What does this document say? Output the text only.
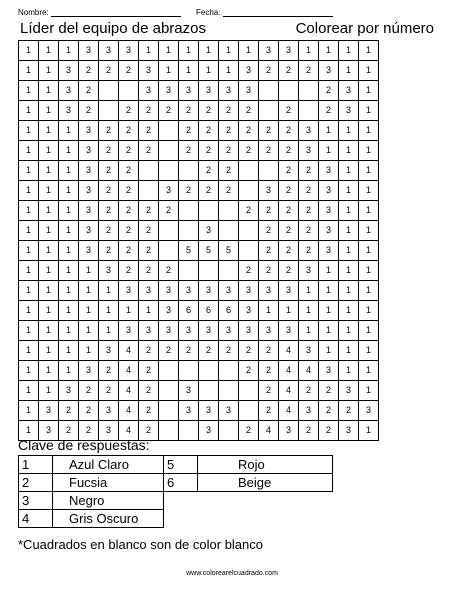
Nombre:	Fecha:
Líder del equipo de abrazos	Colorear por número
1	1	1	3	3	3	1	1	1	1	1	1	3	3	1	1	1	1
1	1	3	2	2	2	3	1	1	1	1	3	2	2	2	3	1	1
1	1	3	2			3	3	3	3	3	3				2	3	1
1	1	3	2		2	2	2	2	2	2	2		2		2	3	1
1	1	1	3	2	2	2		2	2	2	2	2	2	3	1	1	1
1	1	1	3	2	2	2		2	2	2	2	2	2	3	1	1	1
1	1	1	3	2	2				2	2			2	2	3	1	1
1	1	1	3	2	2		3	2	2	2		3	2	2	3	1	1
1	1	1	3	2	2	2	2				2	2	2	2	3	1	1
1	1	1	3	2	2	2			3			2	2	2	3	1	1
1	1	1	3	2	2	2		5	5	5		2	2	2	3	1	1
1	1	1	1	3	2	2	2				2	2	2	3	1	1	1
1	1	1	1	1	3	3	3	3	3	3	3	3	3	1	1	1	1
1	1	1	1	1	1	1	3	6	6	6	3	1	1	1	1	1	1
1	1	1	1	1	3	3	3	3	3	3	3	3	3	1	1	1	1
1	1	1	1	3	4	2	2	2	2	2	2	2	4	3	1	1	1
1	1	1	3	2	4	2					2	2	4	4	3	1	1
1	1	3	2	2	4	2		3				2	4	2	2	3	1
1	3	2	2	3	4	2		3	3	3		2	4	3	2	2	3
1	3	2	2	3	4	2			3		2	4	3	2	2	3	1
Clave de respuestas:
1	Azul Claro	5	Rojo
2	Fucsia	6	Beige
3	Negro		
4	Gris Oscuro		
*Cuadrados en blanco son de color blanco
www.colorearelcuadrado.com
